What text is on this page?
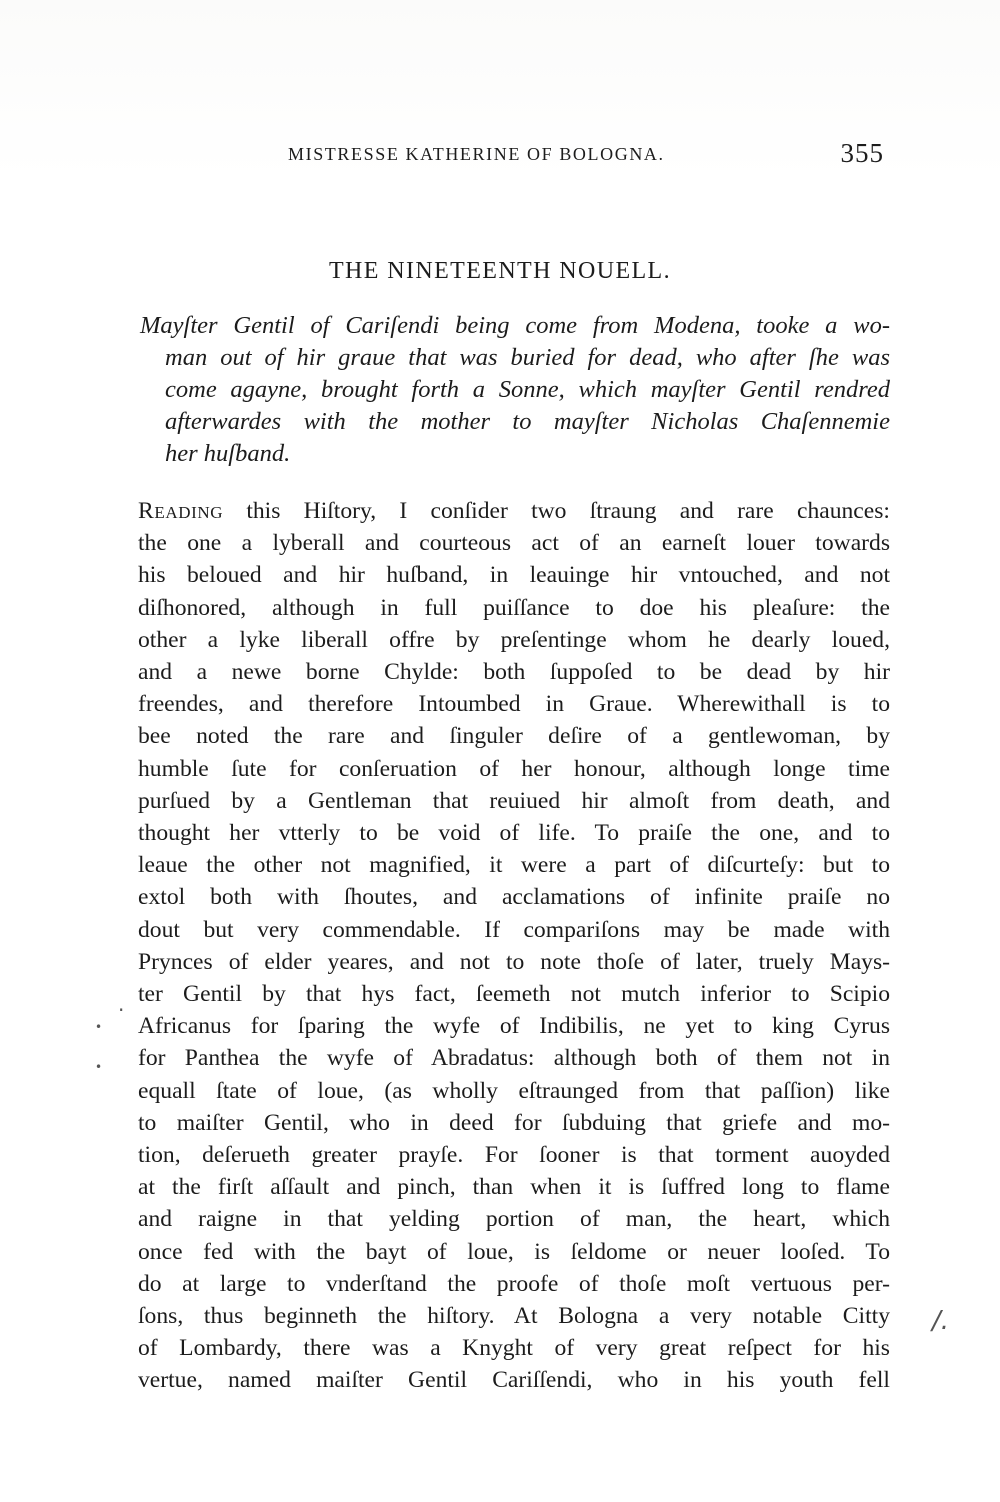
MISTRESSE KATHERINE OF BOLOGNA.	355
THE NINETEENTH NOUELL.
Mayſter Gentil of Cariſendi being come from Modena, tooke a wo-
man out of hir graue that was buried for dead, who after ſhe was
come agayne, brought forth a Sonne, which mayſter Gentil rendred
afterwardes with the mother to mayſter Nicholas Chaſennemie
her huſband.
Reading this Hiſtory, I conſider two ſtraung and rare chaunces:
the one a lyberall and courteous act of an earneſt louer towards
his beloued and hir huſband, in leauinge hir vntouched, and not
diſhonored, although in full puiſſance to doe his pleaſure: the
other a lyke liberall offre by preſentinge whom he dearly loued,
and a newe borne Chylde: both ſuppoſed to be dead by hir
freendes, and therefore Intoumbed in Graue. Wherewithall is to
bee noted the rare and ſinguler deſire of a gentlewoman, by
humble ſute for conſeruation of her honour, although longe time
purſued by a Gentleman that reuiued hir almoſt from death, and
thought her vtterly to be void of life. To praiſe the one, and to
leaue the other not magnified, it were a part of diſcurteſy: but to
extol both with ſhoutes, and acclamations of infinite praiſe no
dout but very commendable. If compariſons may be made with
Prynces of elder yeares, and not to note thoſe of later, truely Mays-
ter Gentil by that hys fact, ſeemeth not mutch inferior to Scipio
Africanus for ſparing the wyfe of Indibilis, ne yet to king Cyrus
for Panthea the wyfe of Abradatus: although both of them not in
equall ſtate of loue, (as wholly eſtraunged from that paſſion) like
to maiſter Gentil, who in deed for ſubduing that griefe and mo-
tion, deſerueth greater prayſe. For ſooner is that torment auoyded
at the firſt aſſault and pinch, than when it is ſuffred long to flame
and raigne in that yelding portion of man, the heart, which
once fed with the bayt of loue, is ſeldome or neuer looſed. To
do at large to vnderſtand the proofe of thoſe moſt vertuous per-
ſons, thus beginneth the hiſtory. At Bologna a very notable Citty
of Lombardy, there was a Knyght of very great reſpect for his
vertue, named maiſter Gentil Cariſſendi, who in his youth fell
.
•
•
/.
